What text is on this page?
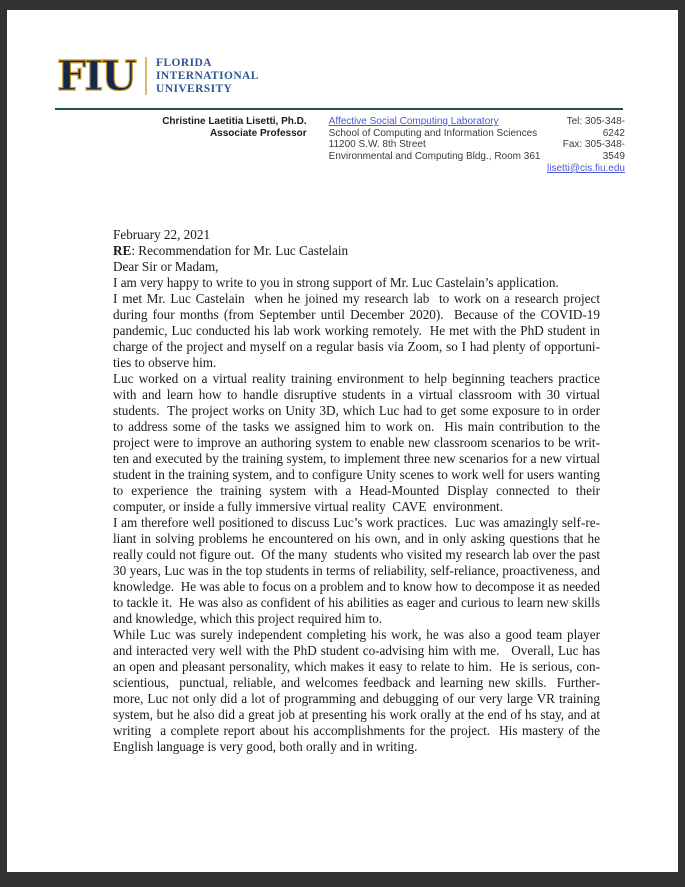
FIU FLORIDA
INTERNATIONAL
UNIVERSITY
Christine Laetitia Lisetti, Ph.D.
Associate Professor
Affective Social Computing Laboratory
School of Computing and Information Sciences
11200 S.W. 8th Street
Environmental and Computing Bldg., Room 361
Tel: 305-348-6242
Fax: 305-348-3549
lisetti@cis.fiu.edu

February 22, 2021

RE: Recommendation for Mr. Luc Castelain

Dear Sir or Madam,

I am very happy to write to you in strong support of Mr. Luc Castelain’s application.

I met Mr. Luc Castelain  when he joined my research lab  to work on a research project during four months (from September until December 2020).  Because of the COVID-19 pandemic, Luc conducted his lab work working remotely.  He met with the PhD student in charge of the project and myself on a regular basis via Zoom, so I had plenty of opportunities to observe him.

Luc worked on a virtual reality training environment to help beginning teachers practice with and learn how to handle disruptive students in a virtual classroom with 30 virtual students.  The project works on Unity 3D, which Luc had to get some exposure to in order to address some of the tasks we assigned him to work on.  His main contribution to the project were to improve an authoring system to enable new classroom scenarios to be written and executed by the training system, to implement three new scenarios for a new virtual student in the training system, and to configure Unity scenes to work well for users wanting to experience the training system with a Head-Mounted Display connected to their computer, or inside a fully immersive virtual reality  CAVE  environment.

I am therefore well positioned to discuss Luc’s work practices.  Luc was amazingly self-reliant in solving problems he encountered on his own, and in only asking questions that he really could not figure out.  Of the many  students who visited my research lab over the past 30 years, Luc was in the top students in terms of reliability, self-reliance, proactiveness, and knowledge.  He was able to focus on a problem and to know how to decompose it as needed to tackle it.  He was also as confident of his abilities as eager and curious to learn new skills and knowledge, which this project required him to.

While Luc was surely independent completing his work, he was also a good team player and interacted very well with the PhD student co-advising him with me.   Overall, Luc has an open and pleasant personality, which makes it easy to relate to him.  He is serious, conscientious,  punctual, reliable, and welcomes feedback and learning new skills.  Furthermore, Luc not only did a lot of programming and debugging of our very large VR training system, but he also did a great job at presenting his work orally at the end of hs stay, and at writing  a complete report about his accomplishments for the project.  His mastery of the English language is very good, both orally and in writing.
